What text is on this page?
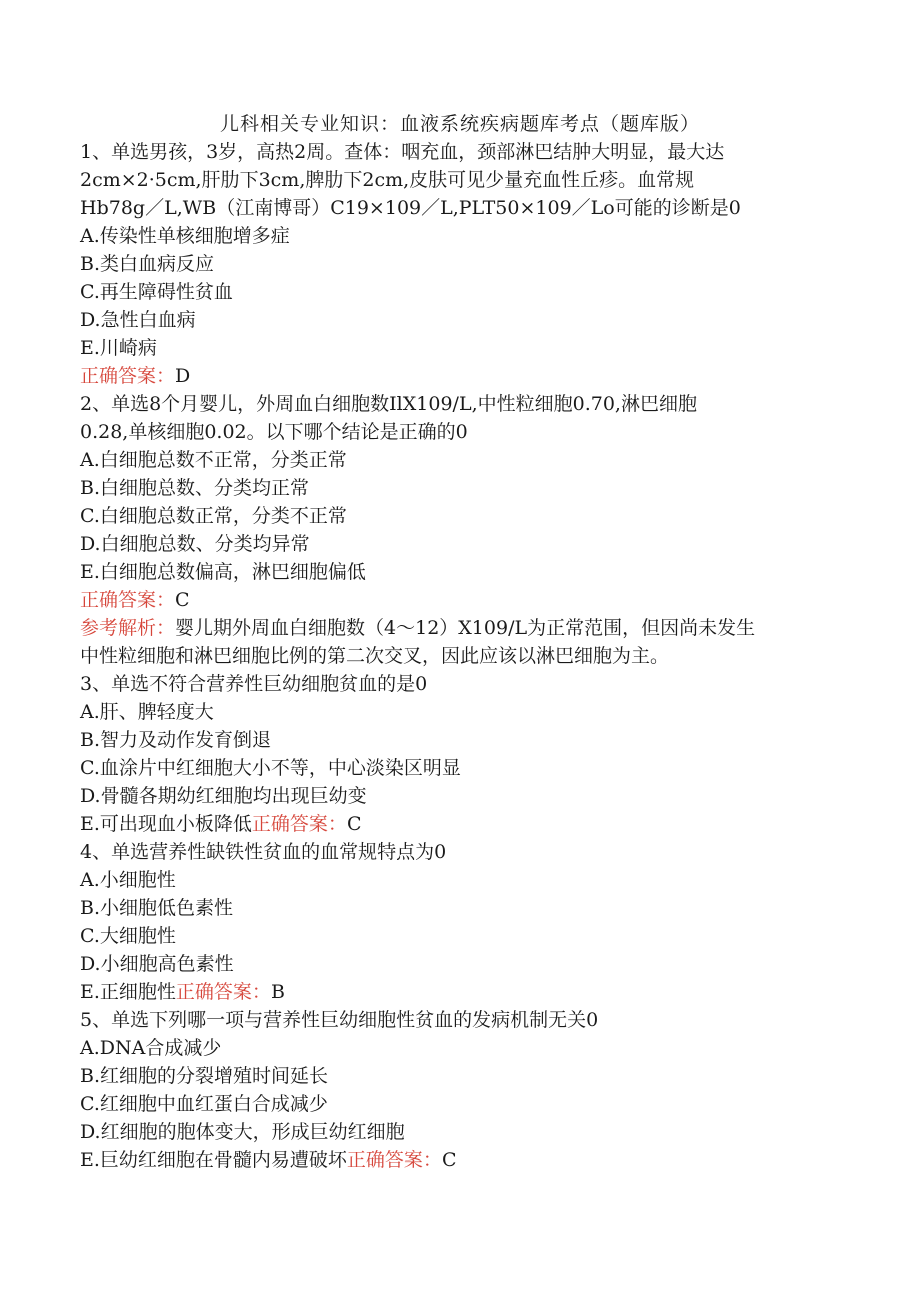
儿科相关专业知识：血液系统疾病题库考点（题库版）
1、单选男孩，3岁，高热2周。查体：咽充血，颈部淋巴结肿大明显，最大达
2cm×2·5cm,肝肋下3cm,脾肋下2cm,皮肤可见少量充血性丘疹。血常规
Hb78g／L,WB（江南博哥）C19×109／L,PLT50×109／Lo可能的诊断是0
A.传染性单核细胞增多症
B.类白血病反应
C.再生障碍性贫血
D.急性白血病
E.川崎病
正确答案：D
2、单选8个月婴儿，外周血白细胞数IlX109/L,中性粒细胞0.70,淋巴细胞
0.28,单核细胞0.02。以下哪个结论是正确的0
A.白细胞总数不正常，分类正常
B.白细胞总数、分类均正常
C.白细胞总数正常，分类不正常
D.白细胞总数、分类均异常
E.白细胞总数偏高，淋巴细胞偏低
正确答案：C
参考解析：婴儿期外周血白细胞数（4～12）X109/L为正常范围，但因尚未发生
中性粒细胞和淋巴细胞比例的第二次交叉，因此应该以淋巴细胞为主。
3、单选不符合营养性巨幼细胞贫血的是0
A.肝、脾轻度大
B.智力及动作发育倒退
C.血涂片中红细胞大小不等，中心淡染区明显
D.骨髓各期幼红细胞均出现巨幼变
E.可出现血小板降低正确答案：C
4、单选营养性缺铁性贫血的血常规特点为0
A.小细胞性
B.小细胞低色素性
C.大细胞性
D.小细胞高色素性
E.正细胞性正确答案：B
5、单选下列哪一项与营养性巨幼细胞性贫血的发病机制无关0
A.DNA合成减少
B.红细胞的分裂增殖时间延长
C.红细胞中血红蛋白合成减少
D.红细胞的胞体变大，形成巨幼红细胞
E.巨幼红细胞在骨髓内易遭破坏正确答案：C
